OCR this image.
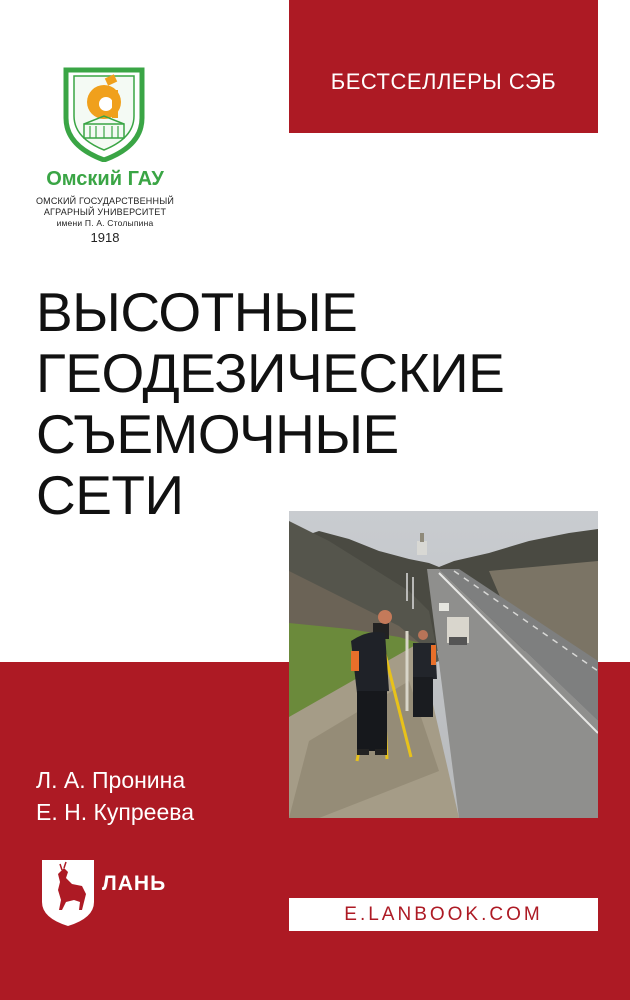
БЕСТСЕЛЛЕРЫ СЭБ
Омский ГАУ
ОМСКИЙ ГОСУДАРСТВЕННЫЙ
АГРАРНЫЙ УНИВЕРСИТЕТ
имени П. А. Столыпина
1918
ВЫСОТНЫЕ
ГЕОДЕЗИЧЕСКИЕ
СЪЕМОЧНЫЕ
СЕТИ
Л. А. Пронина
Е. Н. Купреева
ЛАНЬ
E.LANBOOK.COM
